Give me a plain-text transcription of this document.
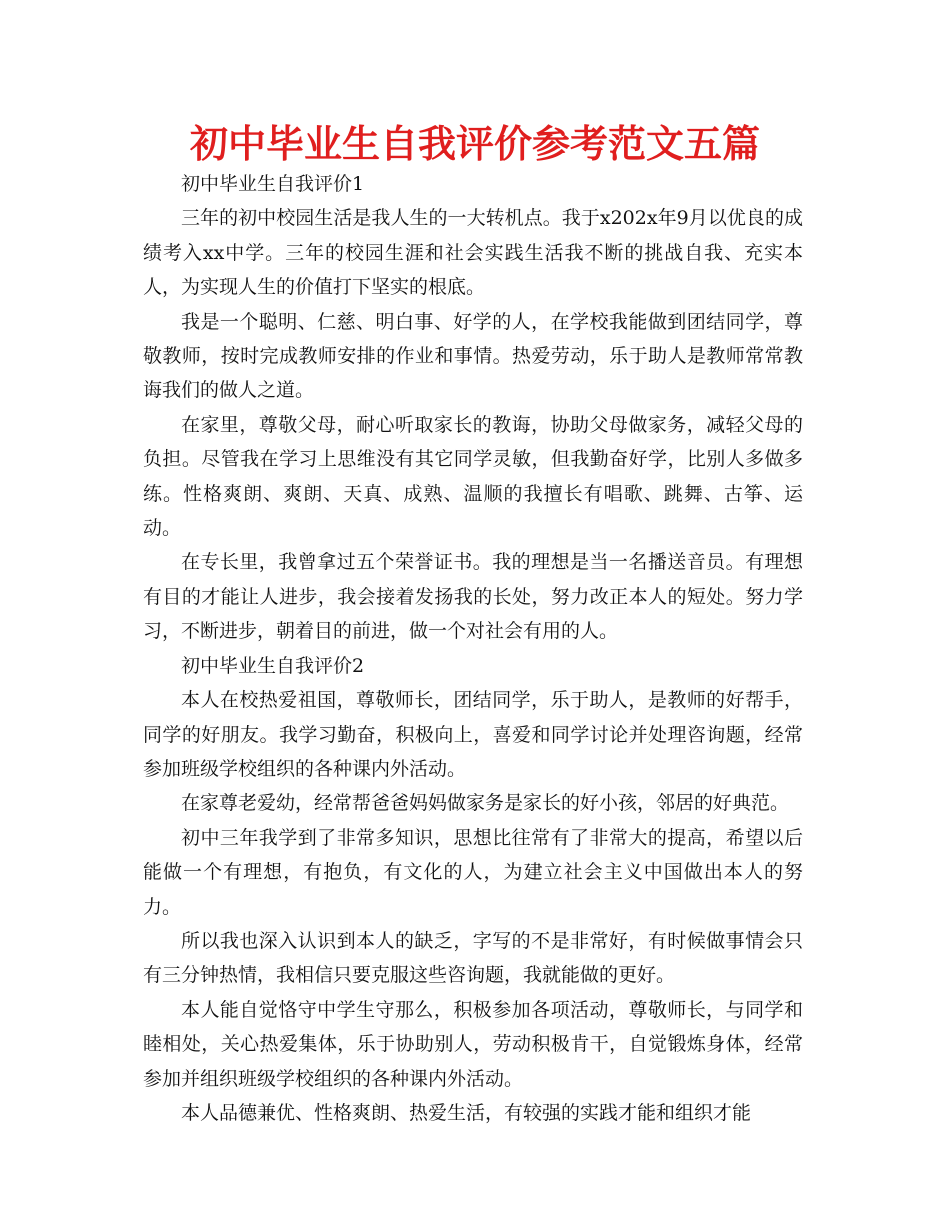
初中毕业生自我评价参考范文五篇

初中毕业生自我评价1

三年的初中校园生活是我人生的一大转机点。我于x202x年9月以优良的成绩考入xx中学。三年的校园生涯和社会实践生活我不断的挑战自我、充实本人，为实现人生的价值打下坚实的根底。

我是一个聪明、仁慈、明白事、好学的人，在学校我能做到团结同学，尊敬教师，按时完成教师安排的作业和事情。热爱劳动，乐于助人是教师常常教诲我们的做人之道。

在家里，尊敬父母，耐心听取家长的教诲，协助父母做家务，减轻父母的负担。尽管我在学习上思维没有其它同学灵敏，但我勤奋好学，比别人多做多练。性格爽朗、爽朗、天真、成熟、温顺的我擅长有唱歌、跳舞、古筝、运动。

在专长里，我曾拿过五个荣誉证书。我的理想是当一名播送音员。有理想有目的才能让人进步，我会接着发扬我的长处，努力改正本人的短处。努力学习，不断进步，朝着目的前进，做一个对社会有用的人。

初中毕业生自我评价2

本人在校热爱祖国，尊敬师长，团结同学，乐于助人，是教师的好帮手，同学的好朋友。我学习勤奋，积极向上，喜爱和同学讨论并处理咨询题，经常参加班级学校组织的各种课内外活动。

在家尊老爱幼，经常帮爸爸妈妈做家务是家长的好小孩，邻居的好典范。

初中三年我学到了非常多知识，思想比往常有了非常大的提高，希望以后能做一个有理想，有抱负，有文化的人，为建立社会主义中国做出本人的努力。

所以我也深入认识到本人的缺乏，字写的不是非常好，有时候做事情会只有三分钟热情，我相信只要克服这些咨询题，我就能做的更好。

本人能自觉恪守中学生守那么，积极参加各项活动，尊敬师长，与同学和睦相处，关心热爱集体，乐于协助别人，劳动积极肯干，自觉锻炼身体，经常参加并组织班级学校组织的各种课内外活动。

本人品德兼优、性格爽朗、热爱生活，有较强的实践才能和组织才能
